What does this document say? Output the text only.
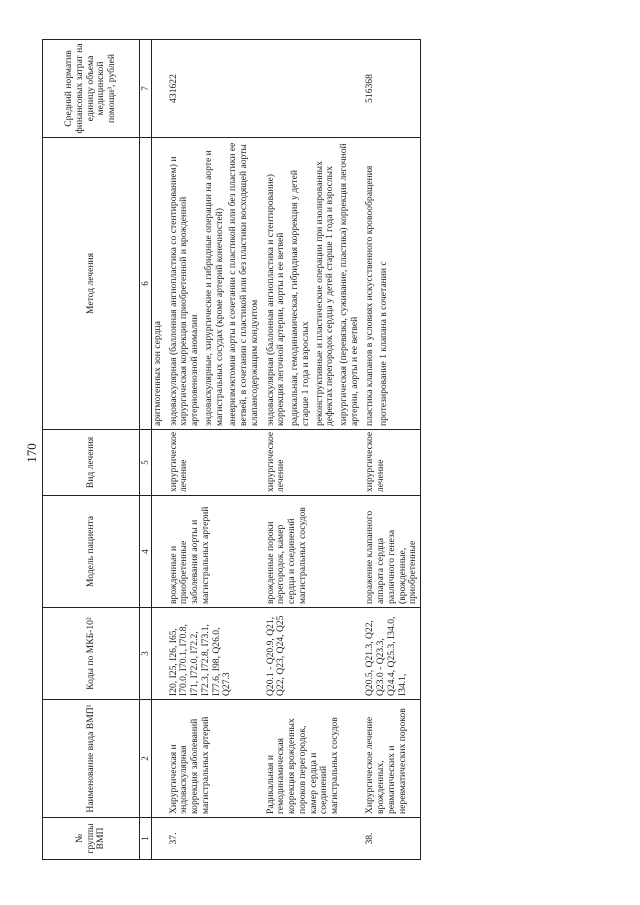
170
№ группы ВМП	Наименование вида ВМП¹	Коды по МКБ-10²	Модель пациента	Вид лечения	Метод лечения	Средний норматив финансовых затрат на единицу объема медицинской помощи³, рублей
1	2	3	4	5	6	7

					аритмогенных зон сердца	

37.	Хирургическая и эндоваскулярная коррекция заболеваний магистральных артерий	I20, I25, I26, I65, I70.0, I70.1, I70.8, I71, I72.0, I72.2, I72.3, I72.8, I73.1, I77.6, I98, Q26.0, Q27.3	врожденные и приобретенные заболевания аорты и магистральных артерий	хирургическое лечение	эндоваскулярная (баллонная ангиопластика со стентированием) и хирургическая коррекция приобретенной и врожденной артериовенозной аномалии эндоваскулярные, хирургические и гибридные операции на аорте и магистральных сосудах (кроме артерий конечностей) аневризмэктомия аорты в сочетании с пластикой или без пластики ее ветвей, в сочетании с пластикой или без пластики восходящей аорты клапансодержащим кондуитом	431622
	Радикальная и гемодинамическая коррекция врожденных пороков перегородок, камер сердца и соединений магистральных сосудов	Q20.1 - Q20.9, Q21, Q22, Q23, Q24, Q25	врожденные пороки перегородок, камер сердца и соединений магистральных сосудов	хирургическое лечение	эндоваскулярная (баллонная ангиопластика и стентирование) коррекция легочной артерии, аорты и ее ветвей радикальная, гемодинамическая, гибридная коррекция у детей старше 1 года и взрослых реконструктивные и пластические операции при изолированных дефектах перегородок сердца у детей старше 1 года и взрослых хирургическая (перевязка, суживание, пластика) коррекция легочной артерии, аорты и ее ветвей	

38.	Хирургическое лечение врожденных, ревматических и неревматических пороков	Q20.5, Q21.3, Q22, Q23.0 - Q23.3, Q24.4, Q25.3, I34.0, I34.1,	поражение клапанного аппарата сердца различного генеза (врожденные, приобретенные	хирургическое лечение	пластика клапанов в условиях искусственного кровообращения протезирование 1 клапана в сочетании с	516368
